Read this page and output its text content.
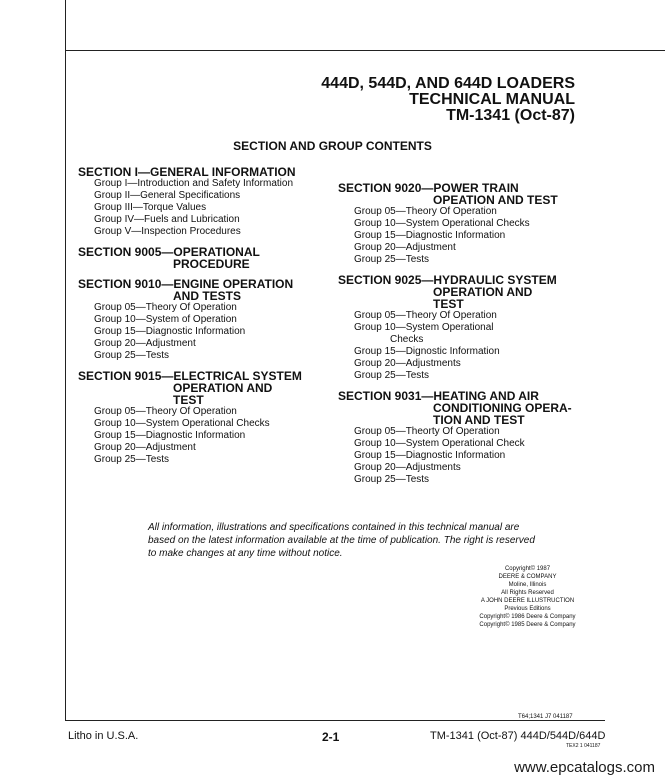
444D, 544D, AND 644D LOADERS
TECHNICAL MANUAL
TM-1341 (Oct-87)
SECTION AND GROUP CONTENTS
SECTION I—GENERAL INFORMATION
Group I—Introduction and Safety Information
Group II—General Specifications
Group III—Torque Values
Group IV—Fuels and Lubrication
Group V—Inspection Procedures
SECTION 9005—OPERATIONAL
PROCEDURE
SECTION 9010—ENGINE OPERATION
AND TESTS
Group 05—Theory Of Operation
Group 10—System of Operation
Group 15—Diagnostic Information
Group 20—Adjustment
Group 25—Tests
SECTION 9015—ELECTRICAL SYSTEM
OPERATION AND
TEST
Group 05—Theory Of Operation
Group 10—System Operational Checks
Group 15—Diagnostic Information
Group 20—Adjustment
Group 25—Tests
SECTION 9020—POWER TRAIN
OPEATION AND TEST
Group 05—Theory Of Operation
Group 10—System Operational Checks
Group 15—Diagnostic Information
Group 20—Adjustment
Group 25—Tests
SECTION 9025—HYDRAULIC SYSTEM
OPERATION AND
TEST
Group 05—Theory Of Operation
Group 10—System Operational
Checks
Group 15—Dignostic Information
Group 20—Adjustments
Group 25—Tests
SECTION 9031—HEATING AND AIR
CONDITIONING OPERA-
TION AND TEST
Group 05—Theorty Of Operation
Group 10—System Operational Check
Group 15—Diagnostic Information
Group 20—Adjustments
Group 25—Tests
All information, illustrations and specifications contained in this technical manual are based on the latest information available at the time of publication. The right is reserved to make changes at any time without notice.
Copyright© 1987
DEERE & COMPANY
Moline, Illinois
All Rights Reserved
A JOHN DEERE ILLUSTRUCTION
Previous Editions
Copyright© 1986 Deere & Company
Copyright© 1985 Deere & Company
T64;1341 J7 041187
Litho in U.S.A.	2-1	TM-1341 (Oct-87) 444D/544D/644D
TEX2 1 041187
www.epcatalogs.com
